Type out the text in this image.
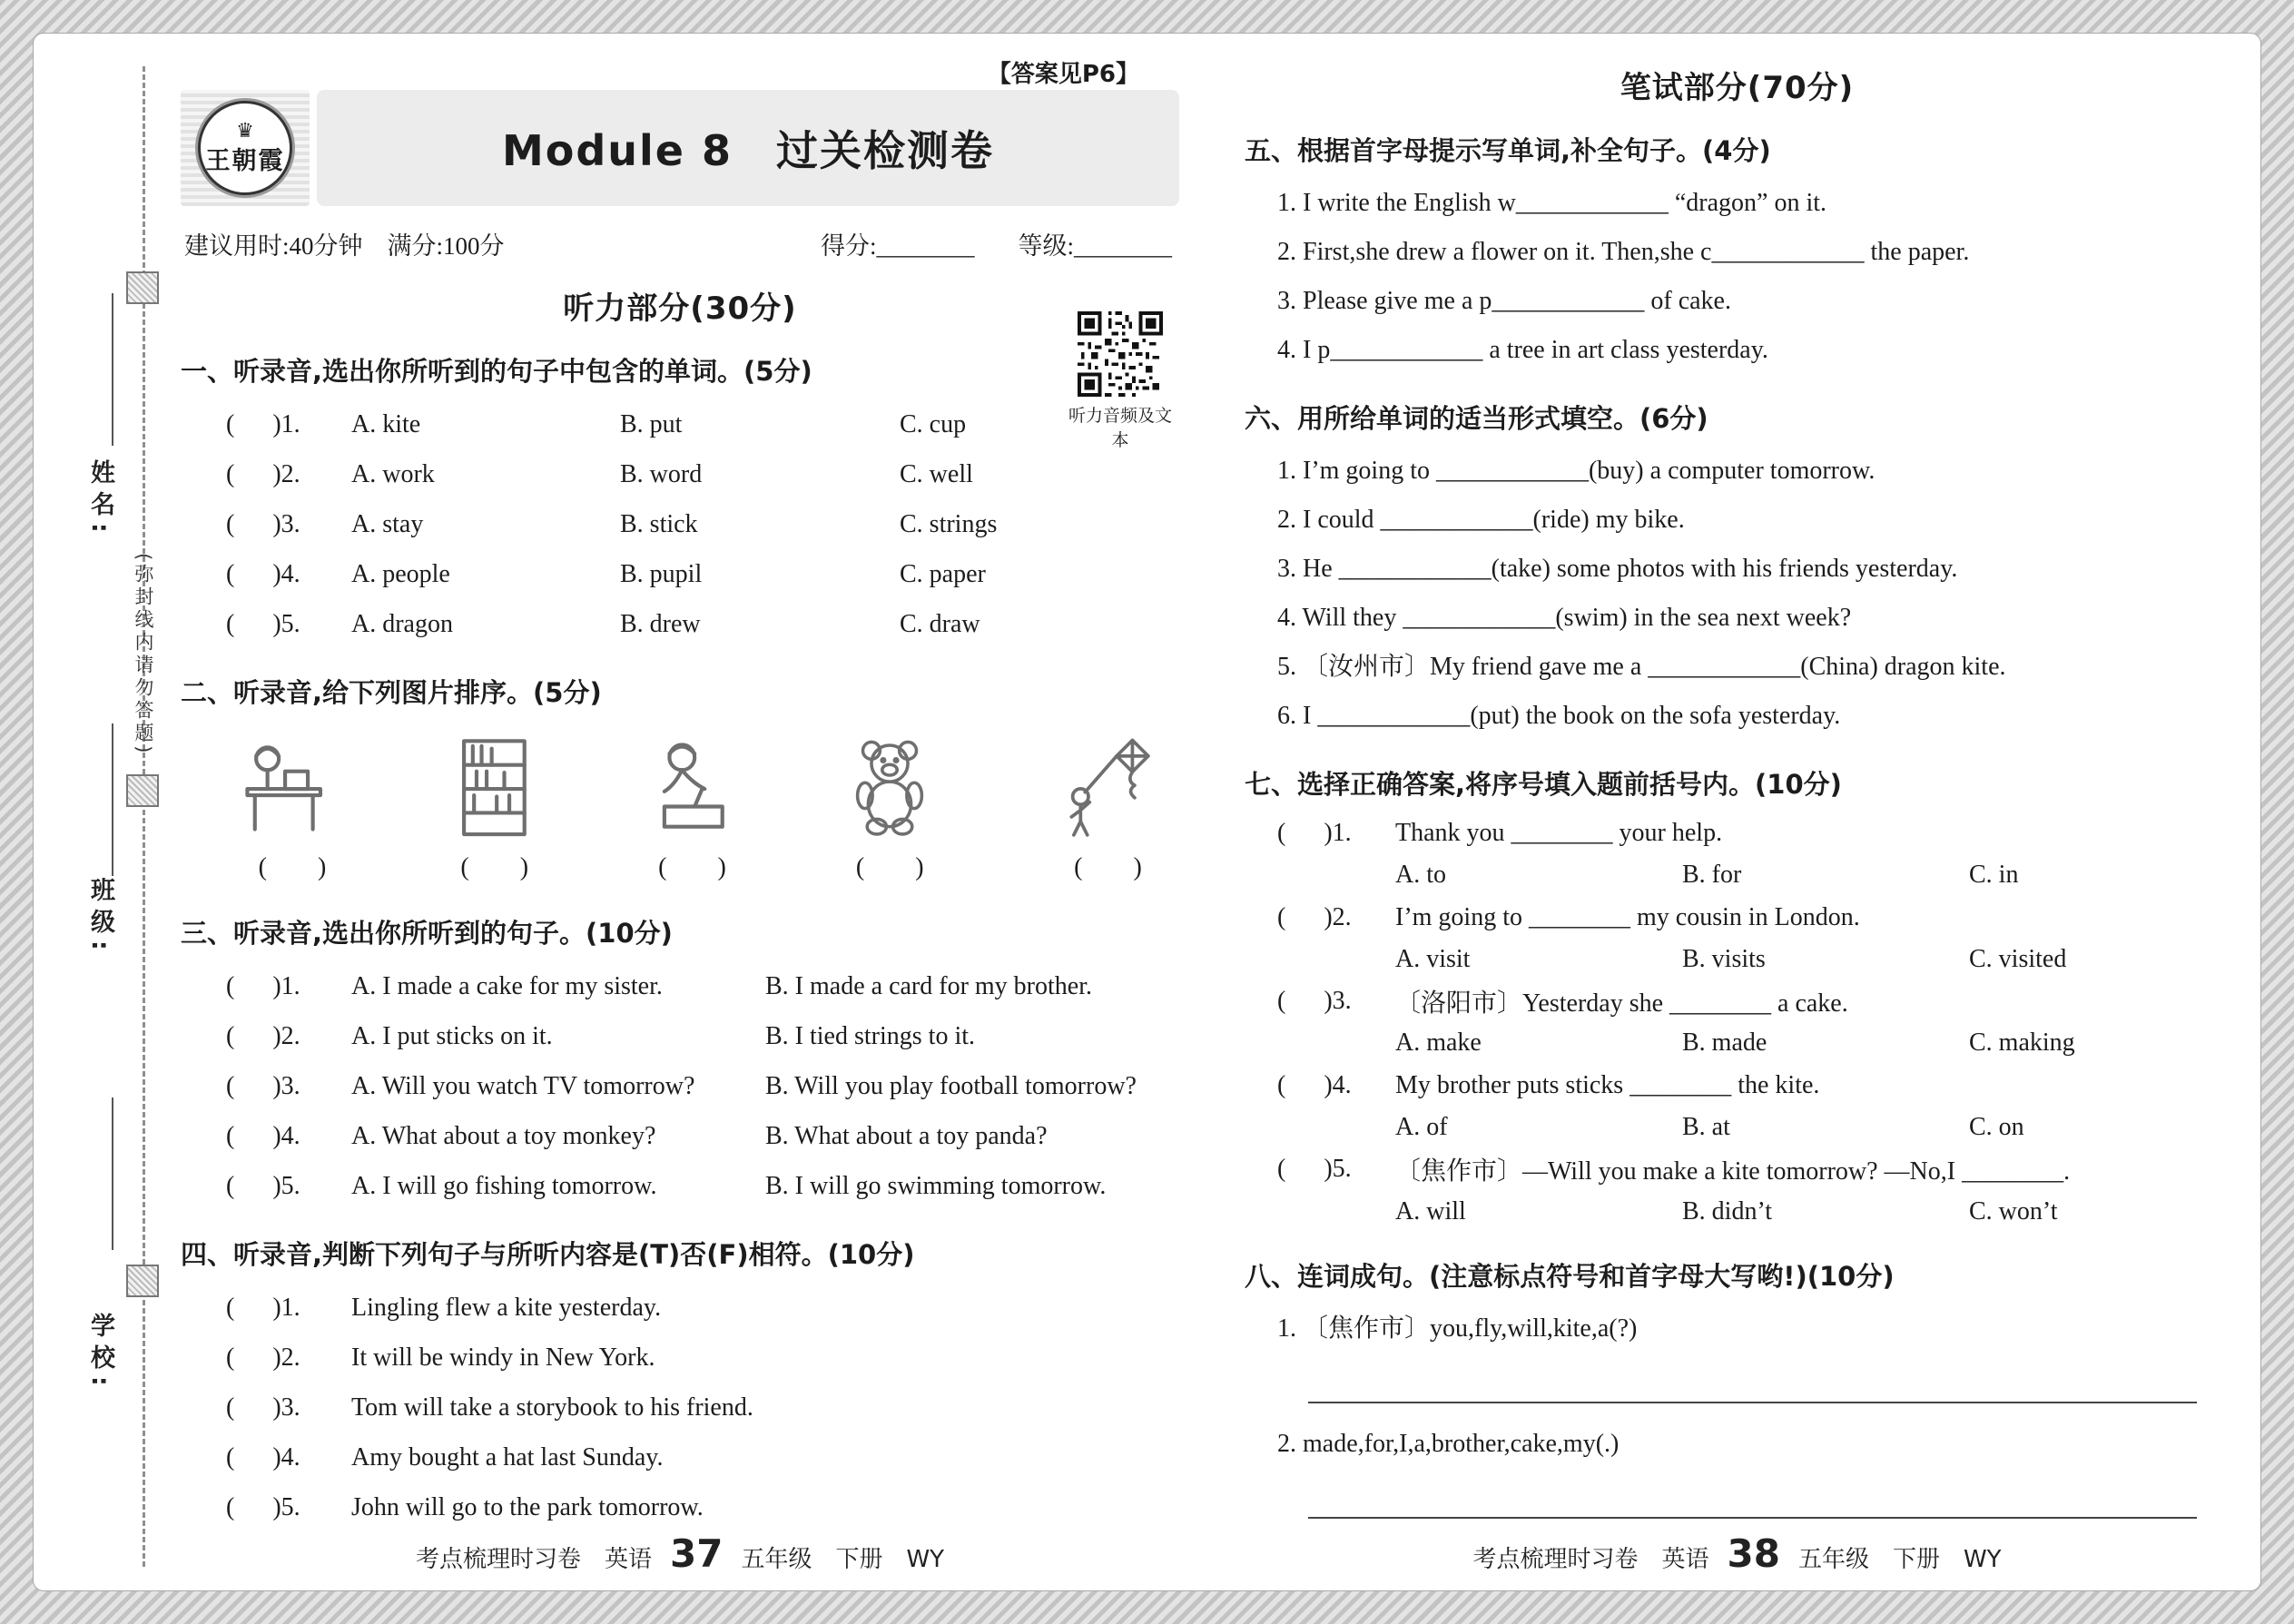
姓名:
(弥封线内请勿答题)
班级:
学校:
【答案见P6】
♛
王朝霞	Module 8　过关检测卷
建议用时:40分钟　满分:100分	得分:________ 等级:________
听力部分(30分)
听力音频及文本
一、听录音,选出你所听到的句子中包含的单词。(5分)
(      )1.	A. kite	B. put	C. cup
(      )2.	A. work	B. word	C. well
(      )3.	A. stay	B. stick	C. strings
(      )4.	A. people	B. pupil	C. paper
(      )5.	A. dragon	B. drew	C. draw
二、听录音,给下列图片排序。(5分)
(        )	(        )	(        )	(        )	(        )
三、听录音,选出你所听到的句子。(10分)
(      )1.	A. I made a cake for my sister.	B. I made a card for my brother.
(      )2.	A. I put sticks on it.	B. I tied strings to it.
(      )3.	A. Will you watch TV tomorrow?	B. Will you play football tomorrow?
(      )4.	A. What about a toy monkey?	B. What about a toy panda?
(      )5.	A. I will go fishing tomorrow.	B. I will go swimming tomorrow.
四、听录音,判断下列句子与所听内容是(T)否(F)相符。(10分)
(      )1.	Lingling flew a kite yesterday.
(      )2.	It will be windy in New York.
(      )3.	Tom will take a storybook to his friend.
(      )4.	Amy bought a hat last Sunday.
(      )5.	John will go to the park tomorrow.
考点梳理时习卷　英语 37 五年级　下册　WY
笔试部分(70分)
五、根据首字母提示写单词,补全句子。(4分)
1. I write the English w____________ “dragon” on it.
2. First,she drew a flower on it. Then,she c____________ the paper.
3. Please give me a p____________ of cake.
4. I p____________ a tree in art class yesterday.
六、用所给单词的适当形式填空。(6分)
1. I’m going to ____________(buy) a computer tomorrow.
2. I could ____________(ride) my bike.
3. He ____________(take) some photos with his friends yesterday.
4. Will they ____________(swim) in the sea next week?
5. 〔汝州市〕My friend gave me a ____________(China) dragon kite.
6. I ____________(put) the book on the sofa yesterday.
七、选择正确答案,将序号填入题前括号内。(10分)
(      )1.	Thank you ________ your help.
A. to	B. for	C. in
(      )2.	I’m going to ________ my cousin in London.
A. visit	B. visits	C. visited
(      )3.	〔洛阳市〕Yesterday she ________ a cake.
A. make	B. made	C. making
(      )4.	My brother puts sticks ________ the kite.
A. of	B. at	C. on
(      )5.	〔焦作市〕—Will you make a kite tomorrow? —No,I ________.
A. will	B. didn’t	C. won’t
八、连词成句。(注意标点符号和首字母大写哟!)(10分)
1. 〔焦作市〕you,fly,will,kite,a(?)
2. made,for,I,a,brother,cake,my(.)
考点梳理时习卷　英语 38 五年级　下册　WY
